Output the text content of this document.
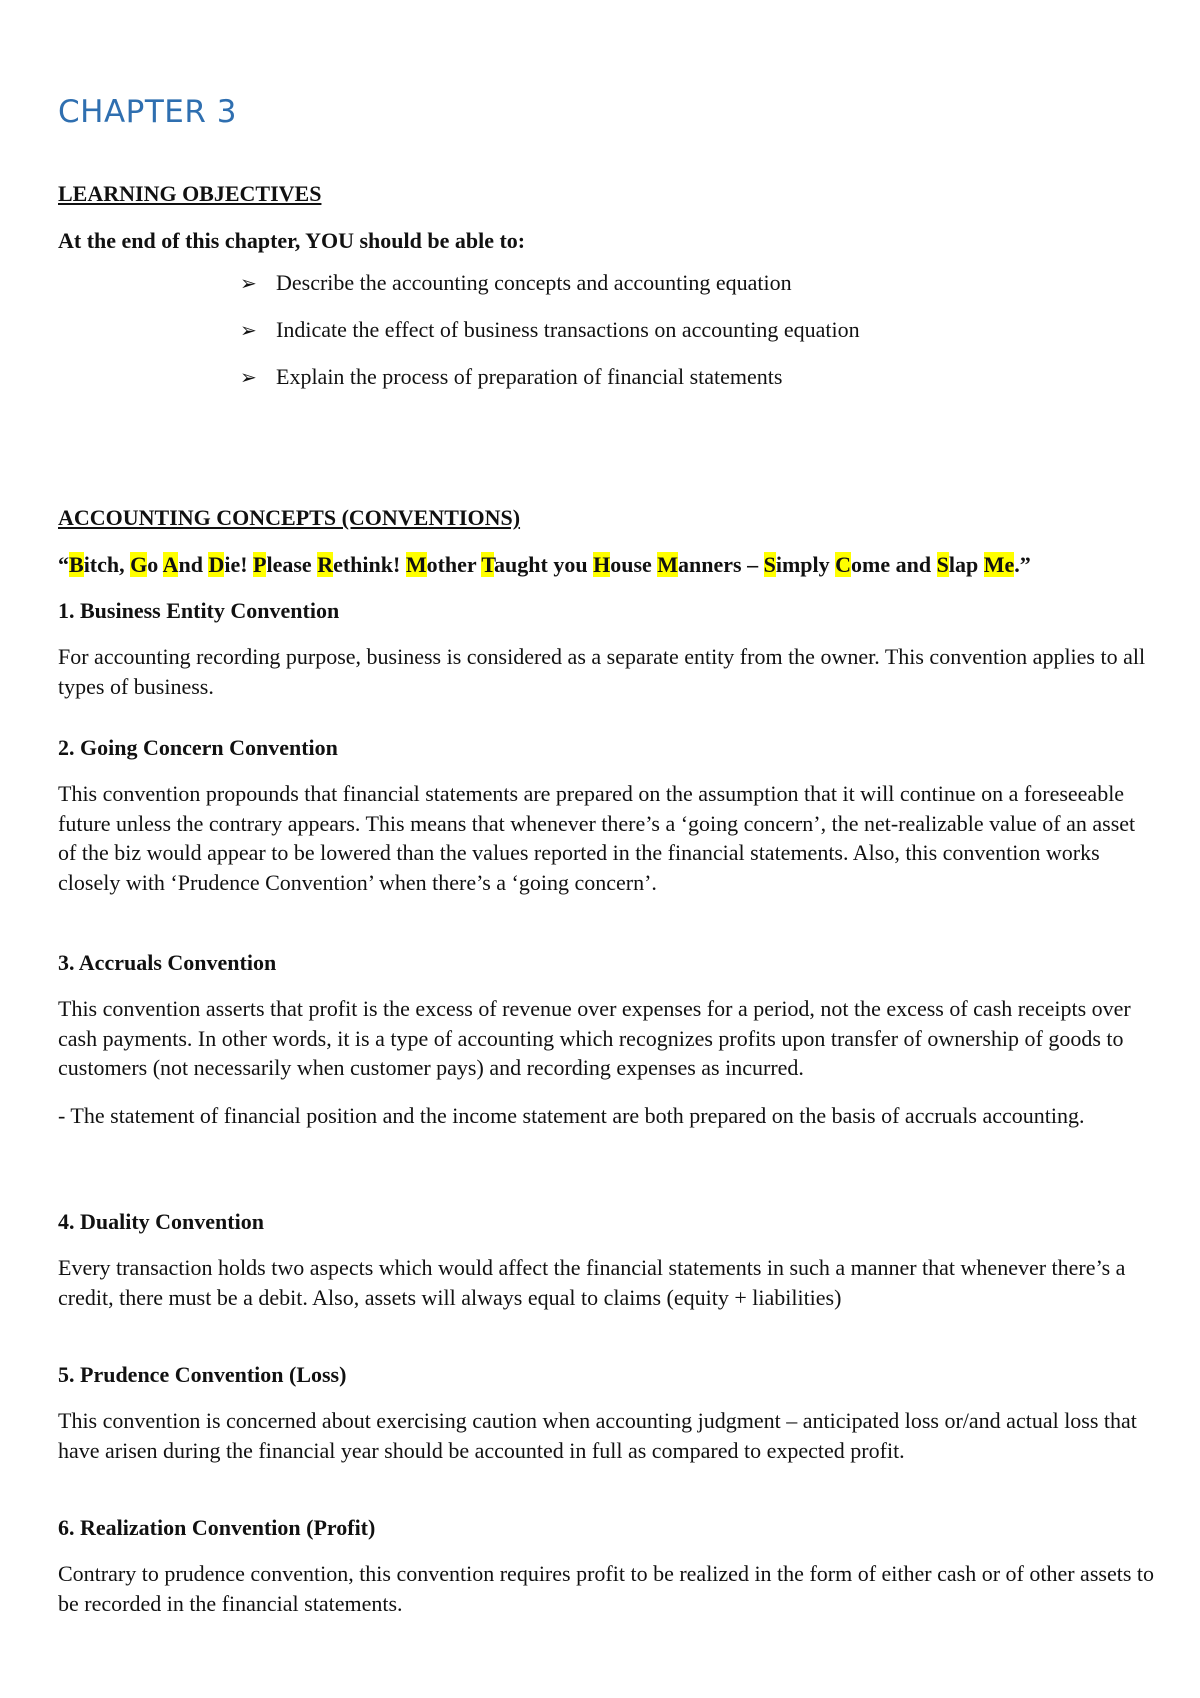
CHAPTER 3

LEARNING OBJECTIVES

At the end of this chapter, YOU should be able to:

➢ Describe the accounting concepts and accounting equation
➢ Indicate the effect of business transactions on accounting equation
➢ Explain the process of preparation of financial statements

ACCOUNTING CONCEPTS (CONVENTIONS)

“Bitch, Go And Die! Please Rethink! Mother Taught you House Manners – Simply Come and Slap Me.”

1. Business Entity Convention

For accounting recording purpose, business is considered as a separate entity from the owner. This convention applies to all types of business.

2. Going Concern Convention

This convention propounds that financial statements are prepared on the assumption that it will continue on a foreseeable future unless the contrary appears. This means that whenever there’s a ‘going concern’, the net-realizable value of an asset of the biz would appear to be lowered than the values reported in the financial statements. Also, this convention works closely with ‘Prudence Convention’ when there’s a ‘going concern’.

3. Accruals Convention

This convention asserts that profit is the excess of revenue over expenses for a period, not the excess of cash receipts over cash payments. In other words, it is a type of accounting which recognizes profits upon transfer of ownership of goods to customers (not necessarily when customer pays) and recording expenses as incurred.

- The statement of financial position and the income statement are both prepared on the basis of accruals accounting.

4. Duality Convention

Every transaction holds two aspects which would affect the financial statements in such a manner that whenever there’s a credit, there must be a debit. Also, assets will always equal to claims (equity + liabilities)

5. Prudence Convention (Loss)

This convention is concerned about exercising caution when accounting judgment – anticipated loss or/and actual loss that have arisen during the financial year should be accounted in full as compared to expected profit.

6. Realization Convention (Profit)

Contrary to prudence convention, this convention requires profit to be realized in the form of either cash or of other assets to be recorded in the financial statements.
